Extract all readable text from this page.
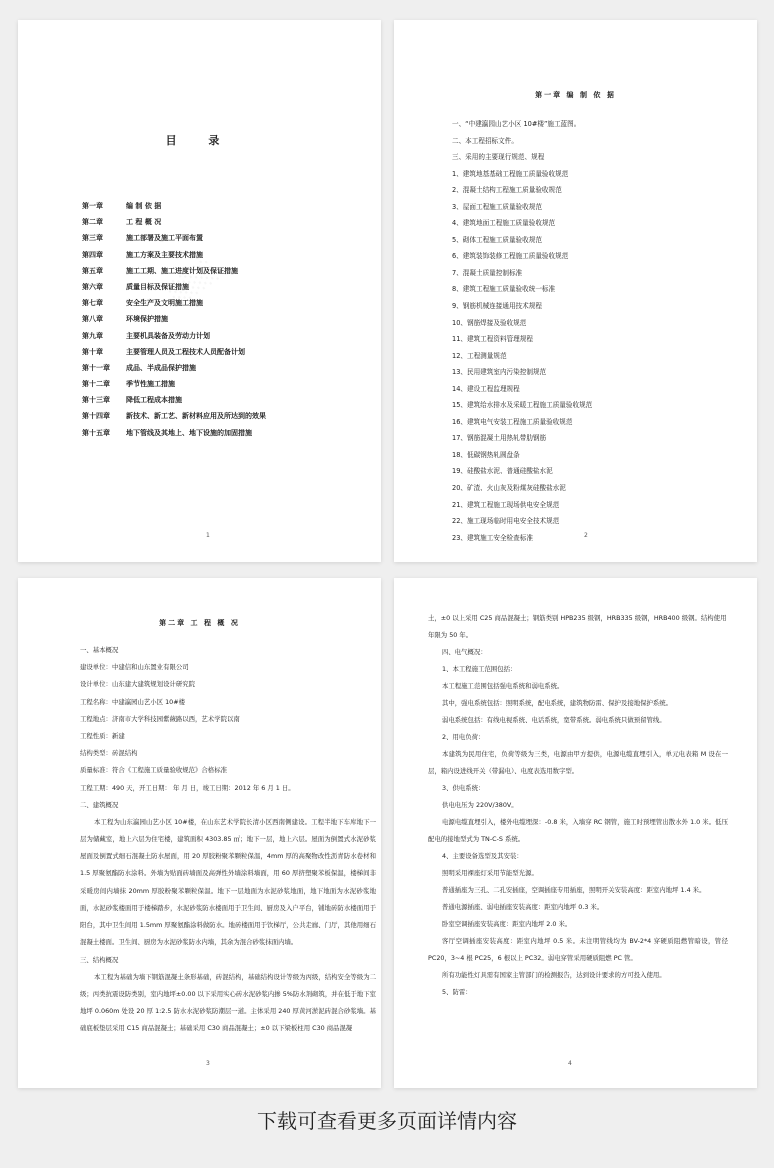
目 录
第一章	编 制 依 据
第二章	工 程 概 况
第三章	施工部署及施工平面布置
第四章	施工方案及主要技术措施
第五章	施工工期、施工进度计划及保证措施
第六章	质量目标及保证措施
第七章	安全生产及文明施工措施
第八章	环境保护措施
第九章	主要机具装备及劳动力计划
第十章	主要管理人员及工程技术人员配备计划
第十一章	成品、半成品保护措施
第十二章	季节性施工措施
第十三章	降低工程成本措施
第十四章	新技术、新工艺、新材料应用及所达到的效果
第十五章	地下管线及其地上、地下设施的加固措施
1
第一章 编 制 依 据
一、“中建瀛园山艺小区 10#楼”施工蓝图。
二、本工程招标文件。
三、采用的主要现行规范、规程
1、建筑地基基础工程施工质量验收规范
2、混凝土结构工程施工质量验收规范
3、屋面工程施工质量验收规范
4、建筑地面工程施工质量验收规范
5、砌体工程施工质量验收规范
6、建筑装饰装修工程施工质量验收规范
7、混凝土质量控制标准
8、建筑工程施工质量验收统一标准
9、钢筋机械连接通用技术规程
10、钢筋焊接及验收规范
11、建筑工程资料管理规程
12、工程测量规范
13、民用建筑室内污染控制规范
14、建设工程监理规程
15、建筑给水排水及采暖工程施工质量验收规范
16、建筑电气安装工程施工质量验收规范
17、钢筋混凝土用热轧带肋钢筋
18、低碳钢热轧圆盘条
19、硅酸盐水泥、普通硅酸盐水泥
20、矿渣、火山灰及粉煤灰硅酸盐水泥
21、建筑工程施工现场供电安全规范
22、施工现场临时用电安全技术规范
23、建筑施工安全检查标准	2
第二章 工 程 概 况
一、基本概况
建设单位：中建信和山东置业有限公司
设计单位：山东建大建筑规划设计研究院
工程名称：中建瀛园山艺小区 10#楼
工程地点：济南市大学科技园紫薇路以西，艺术学院以南
工程性质：新建
结构类型：砖混结构
质量标准：符合《工程施工质量验收规范》合格标准
工程工期：490 天，开工日期： 年 月 日，竣工日期：2012 年 6 月 1 日。
二、建筑概况
本工程为山东瀛园山艺小区 10#楼，在山东艺术学院长清小区西南侧建设。工程半地下车库地下一层为储藏室，地上六层为住宅楼，建筑面积 4303.85 ㎡；地下一层，地上六层。屋面为倒置式水泥砂浆屋面及倒置式细石混凝土防水屋面，用 20 厚胶粉聚苯颗粒保温，4mm 厚的高聚物改性沥青防水卷材和 1.5 厚聚氨酯防水涂料。外墙为贴面砖墙面及高弹性外墙涂料墙面，用 60 厚挤塑聚苯板保温，楼梯间非采暖房间内墙抹 20mm 厚胶粉聚苯颗粒保温。地下一层地面为水泥砂浆地面，地下地面为水泥砂浆地面，水泥砂浆楼面用于楼梯踏步，水泥砂浆防水楼面用于卫生间、厨房及入户平台，铺地砖防水楼面用于阳台，其中卫生间用 1.5mm 厚聚氨酯涂料做防水。地砖楼面用于饮梯厅，公共走廊、门厅，其他用细石混凝土楼面。卫生间、厨房为水泥砂浆防水内墙，其余为混合砂浆抹面内墙。
三、结构概况
本工程为基础为墙下钢筋混凝土条形基础，砖混结构，基础结构设计等级为丙级，结构安全等级为二级；丙类抗震设防类别，室内地坪±0.00 以下采用实心砖水泥砂浆内掺 5%防水剂砌筑，并在低于地下室地坪 0.060m 处设 20 厚 1:2.5 防水水泥砂浆防潮层一道。主体采用 240 厚黄河淤泥砖混合砂浆墙。基础底板垫层采用 C15 商品混凝土；基础采用 C30 商品混凝土；±0 以下梁板柱用 C30 商品混凝
3
土，±0 以上采用 C25 商品混凝土；钢筋类别 HPB235 级钢，HRB335 级钢，HRB400 级钢。结构使用年限为 50 年。
四、电气概况：
1、本工程施工范围包括：
本工程施工范围包括强电系统和弱电系统。
其中，强电系统包括：照明系统，配电系统，建筑物防雷、保护及接地保护系统。
弱电系统包括：有线电视系统、电话系统，宽带系统。弱电系统只做预留管线。
2、用电负荷：
本建筑为民用住宅，负荷等级为三类，电源由甲方提供，电源电缆直埋引入，单元电表箱 M 设在一层，箱内设进线开关（带漏电）、电度表选用数字型。
3、供电系统：
供电电压为 220V/380V。
电源电缆直埋引入，楼外电缆埋深：-0.8 米，入墙穿 RC 钢管，施工时预埋管出散水外 1.0 米。低压配电的接地型式为 TN-C-S 系统。
4、主要设备选型及其安装：
照明采用裸座灯采用节能型光源。
普通插座为三孔、二孔安插座，空调插座专用插座，照明开关安装高度：距室内地坪 1.4 米。
普通电源插座、弱电插座安装高度：距室内地坪 0.3 米。
卧室空调插座安装高度：距室内地坪 2.0 米。
客厅空调插座安装高度：距室内地坪 0.5 米。未注明管线均为 BV-2*4 穿硬质阻燃管暗设，管径 PC20，3~4 根 PC25，6 根以上 PC32。弱电穿管采用硬质阻燃 PC 管。
所有功能性灯具需有国家主管部门的检测报告，达到设计要求的方可投入使用。
5、防雷：
4
下载可查看更多页面详情内容
